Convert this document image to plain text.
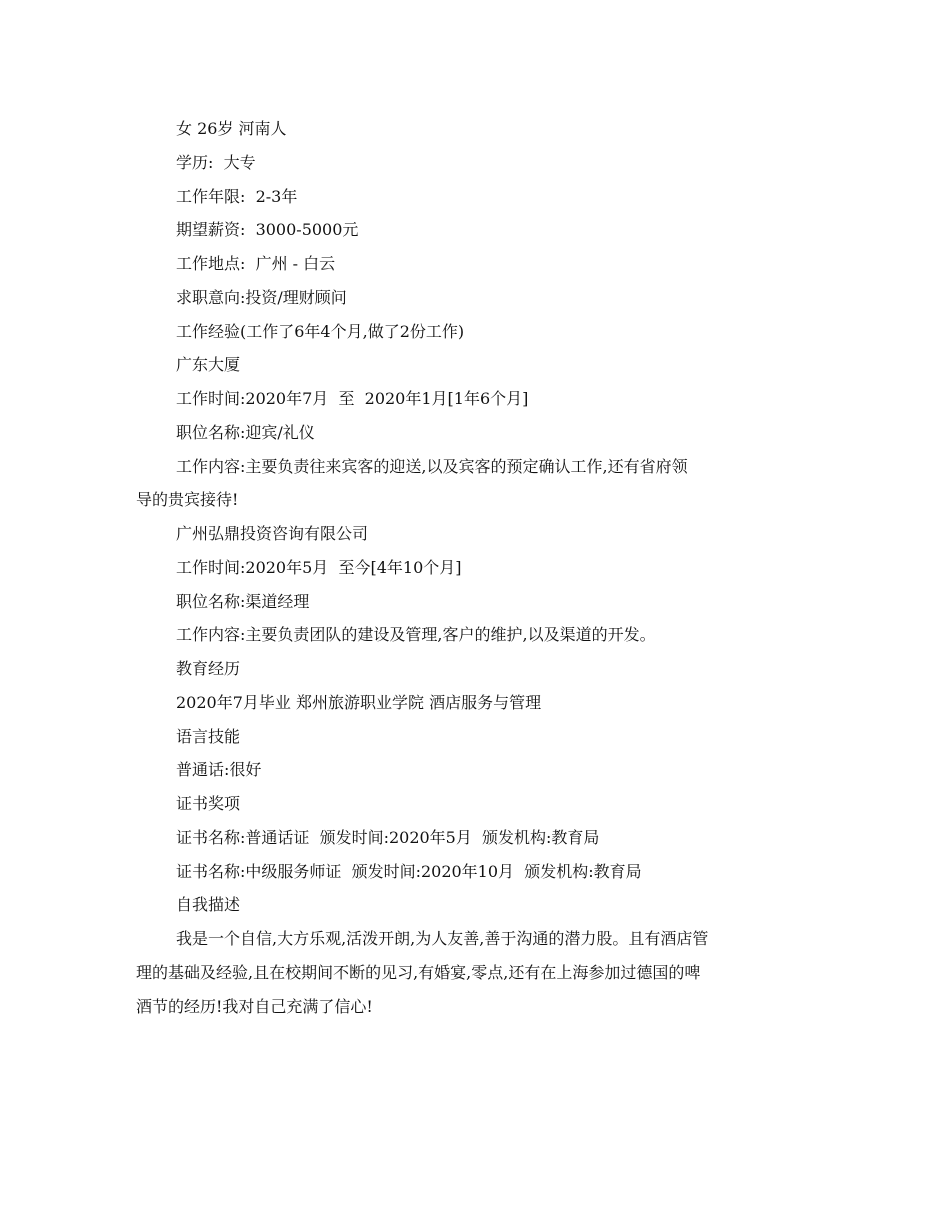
女 26岁 河南人

学历:  大专

工作年限:  2-3年

期望薪资:  3000-5000元

工作地点:  广州 - 白云

求职意向:投资/理财顾问

工作经验(工作了6年4个月,做了2份工作)

广东大厦

工作时间:2020年7月  至  2020年1月[1年6个月]

职位名称:迎宾/礼仪

工作内容:主要负责往来宾客的迎送,以及宾客的预定确认工作,还有省府领
导的贵宾接待!

广州弘鼎投资咨询有限公司

工作时间:2020年5月  至今[4年10个月]

职位名称:渠道经理

工作内容:主要负责团队的建设及管理,客户的维护,以及渠道的开发。

教育经历

2020年7月毕业 郑州旅游职业学院 酒店服务与管理

语言技能

普通话:很好

证书奖项

证书名称:普通话证  颁发时间:2020年5月  颁发机构:教育局

证书名称:中级服务师证  颁发时间:2020年10月  颁发机构:教育局

自我描述

我是一个自信,大方乐观,活泼开朗,为人友善,善于沟通的潜力股。且有酒店管
理的基础及经验,且在校期间不断的见习,有婚宴,零点,还有在上海参加过德国的啤
酒节的经历!我对自己充满了信心!
